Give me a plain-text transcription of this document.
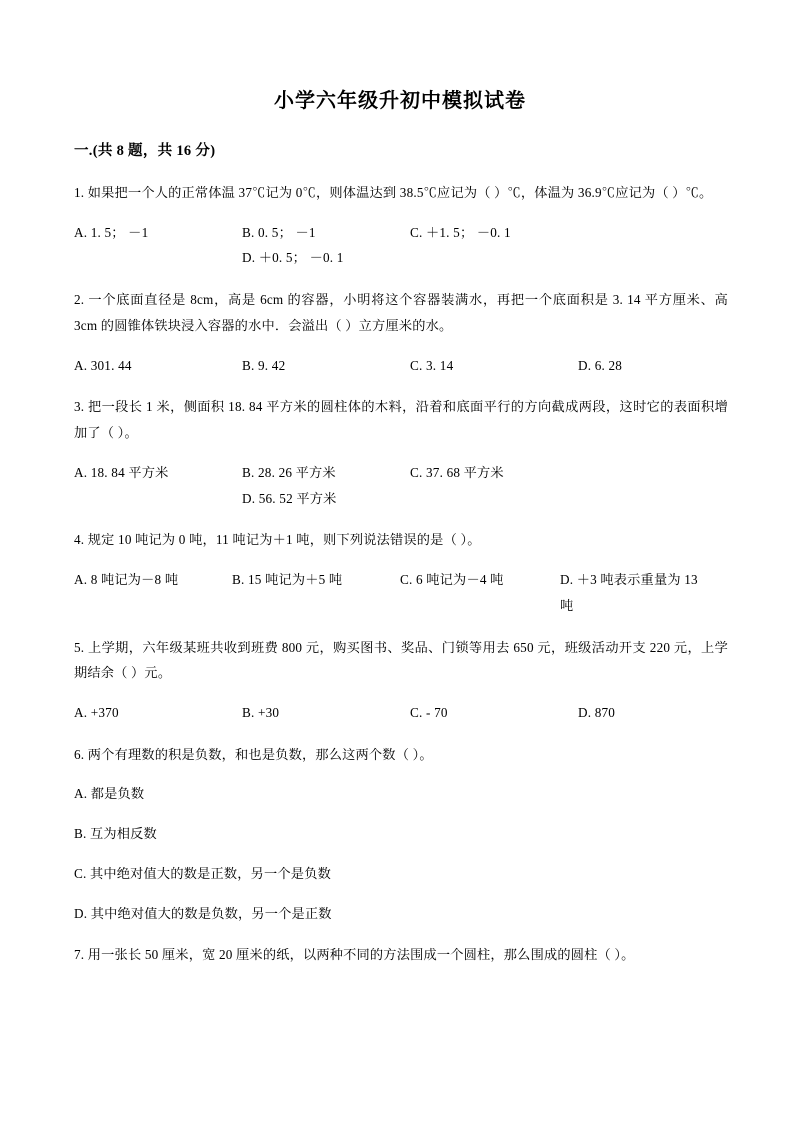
小学六年级升初中模拟试卷
一.(共 8 题，共 16 分)
1. 如果把一个人的正常体温 37℃记为 0℃，则体温达到 38.5℃应记为（ ）℃，体温为 36.9℃应记为（ ）℃。
A. 1. 5； －1	B. 0. 5； －1	C. ＋1. 5； －0. 1
D. ＋0. 5； －0. 1
2. 一个底面直径是 8cm，高是 6cm 的容器，小明将这个容器装满水，再把一个底面积是 3. 14 平方厘米、高 3cm 的圆锥体铁块浸入容器的水中．会溢出（ ）立方厘米的水。
A. 301. 44	B. 9. 42	C. 3. 14	D. 6. 28
3. 把一段长 1 米，侧面积 18. 84 平方米的圆柱体的木料，沿着和底面平行的方向截成两段，这时它的表面积增加了（ ）。
A. 18. 84 平方米	B. 28. 26 平方米	C. 37. 68 平方米
D. 56. 52 平方米
4. 规定 10 吨记为 0 吨，11 吨记为＋1 吨，则下列说法错误的是（ ）。
A. 8 吨记为－8 吨	B. 15 吨记为＋5 吨	C. 6 吨记为－4 吨	D. ＋3 吨表示重量为 13 吨
5. 上学期，六年级某班共收到班费 800 元，购买图书、奖品、门锁等用去 650 元，班级活动开支 220 元，上学期结余（ ）元。
A. +370	B. +30	C. - 70	D. 870
6. 两个有理数的积是负数，和也是负数，那么这两个数（ ）。
A. 都是负数
B. 互为相反数
C. 其中绝对值大的数是正数，另一个是负数
D. 其中绝对值大的数是负数，另一个是正数
7. 用一张长 50 厘米，宽 20 厘米的纸，以两种不同的方法围成一个圆柱，那么围成的圆柱（ ）。
